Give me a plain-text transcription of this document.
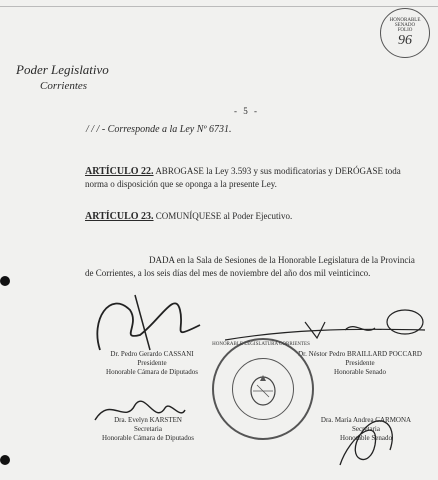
HONORABLE SENADO
FOLIO
96
Poder Legislativo
Corrientes
- 5 -
/ / / - Corresponde a la Ley Nº 6731.
ARTÍCULO 22. ABROGASE la Ley 3.593 y sus modificatorias y DERÓGASE toda norma o disposición que se oponga a la presente Ley.
ARTÍCULO 23. COMUNÍQUESE al Poder Ejecutivo.
DADA en la Sala de Sesiones de la Honorable Legislatura de la Provincia de Corrientes, a los seis días del mes de noviembre del año dos mil veinticinco.
Dr. Pedro Gerardo CASSANI
Presidente
Honorable Cámara de Diputados
Dr. Néstor Pedro BRAILLARD POCCARD
Presidente
Honorable Senado
Dra. Evelyn KARSTEN
Secretaria
Honorable Cámara de Diputados
Dra. María Andrea CARMONA
Secretaria
Honorable Senado
HONORABLE LEGISLATURA CORRIENTES
